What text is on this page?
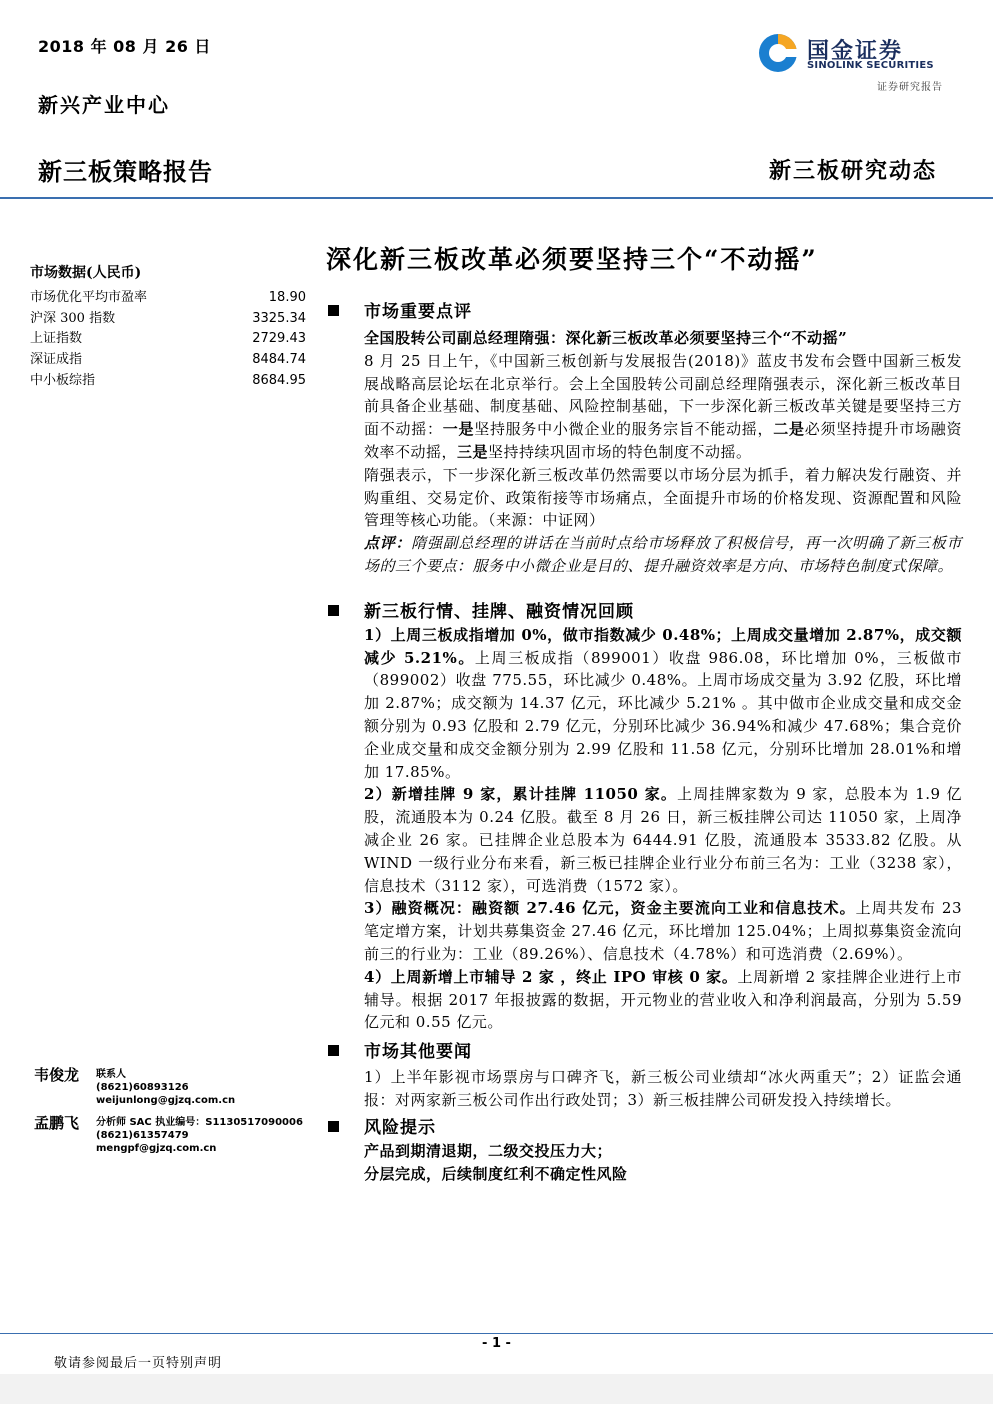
2018 年 08 月 26 日
新兴产业中心
新三板策略报告	新三板研究动态
国金证券
SINOLINK SECURITIES
证券研究报告
深化新三板改革必须要坚持三个“不动摇”
市场数据(人民币)
市场优化平均市盈率	18.90
沪深 300 指数	3325.34
上证指数	2729.43
深证成指	8484.74
中小板综指	8684.95
韦俊龙 联系人
(8621)60893126
weijunlong@gjzq.com.cn
孟鹏飞 分析师 SAC 执业编号：S1130517090006
(8621)61357479
mengpf@gjzq.com.cn
市场重要点评
全国股转公司副总经理隋强：深化新三板改革必须要坚持三个“不动摇”
8 月 25 日上午，《中国新三板创新与发展报告(2018)》蓝皮书发布会暨中国新三板发展战略高层论坛在北京举行。会上全国股转公司副总经理隋强表示，深化新三板改革目前具备企业基础、制度基础、风险控制基础，下一步深化新三板改革关键是要坚持三方面不动摇：一是坚持服务中小微企业的服务宗旨不能动摇，二是必须坚持提升市场融资效率不动摇，三是坚持持续巩固市场的特色制度不动摇。
隋强表示，下一步深化新三板改革仍然需要以市场分层为抓手，着力解决发行融资、并购重组、交易定价、政策衔接等市场痛点，全面提升市场的价格发现、资源配置和风险管理等核心功能。（来源：中证网）
点评：隋强副总经理的讲话在当前时点给市场释放了积极信号，再一次明确了新三板市场的三个要点：服务中小微企业是目的、提升融资效率是方向、市场特色制度式保障。
新三板行情、挂牌、融资情况回顾
1）上周三板成指增加 0%，做市指数减少 0.48%；上周成交量增加 2.87%，成交额减少 5.21%。上周三板成指（899001）收盘 986.08，环比增加 0%，三板做市（899002）收盘 775.55，环比减少 0.48%。上周市场成交量为 3.92 亿股，环比增加 2.87%；成交额为 14.37 亿元，环比减少 5.21% 。其中做市企业成交量和成交金额分别为 0.93 亿股和 2.79 亿元，分别环比减少 36.94%和减少 47.68%；集合竞价企业成交量和成交金额分别为 2.99 亿股和 11.58 亿元，分别环比增加 28.01%和增加 17.85%。
2）新增挂牌 9 家，累计挂牌 11050 家。上周挂牌家数为 9 家，总股本为 1.9 亿股，流通股本为 0.24 亿股。截至 8 月 26 日，新三板挂牌公司达 11050 家，上周净减企业 26 家。已挂牌企业总股本为 6444.91 亿股，流通股本 3533.82 亿股。从 WIND 一级行业分布来看，新三板已挂牌企业行业分布前三名为：工业（3238 家），信息技术（3112 家），可选消费（1572 家）。
3）融资概况：融资额 27.46 亿元，资金主要流向工业和信息技术。上周共发布 23 笔定增方案，计划共募集资金 27.46 亿元，环比增加 125.04%；上周拟募集资金流向前三的行业为：工业（89.26%）、信息技术（4.78%）和可选消费（2.69%）。
4）上周新增上市辅导 2 家 ，终止 IPO 审核 0 家。上周新增 2 家挂牌企业进行上市辅导。根据 2017 年报披露的数据，开元物业的营业收入和净利润最高，分别为 5.59 亿元和 0.55 亿元。
市场其他要闻
1）上半年影视市场票房与口碑齐飞，新三板公司业绩却“冰火两重天”；2）证监会通报：对两家新三板公司作出行政处罚；3）新三板挂牌公司研发投入持续增长。
风险提示
产品到期清退期，二级交投压力大；
分层完成，后续制度红利不确定性风险
- 1 -
敬请参阅最后一页特别声明
